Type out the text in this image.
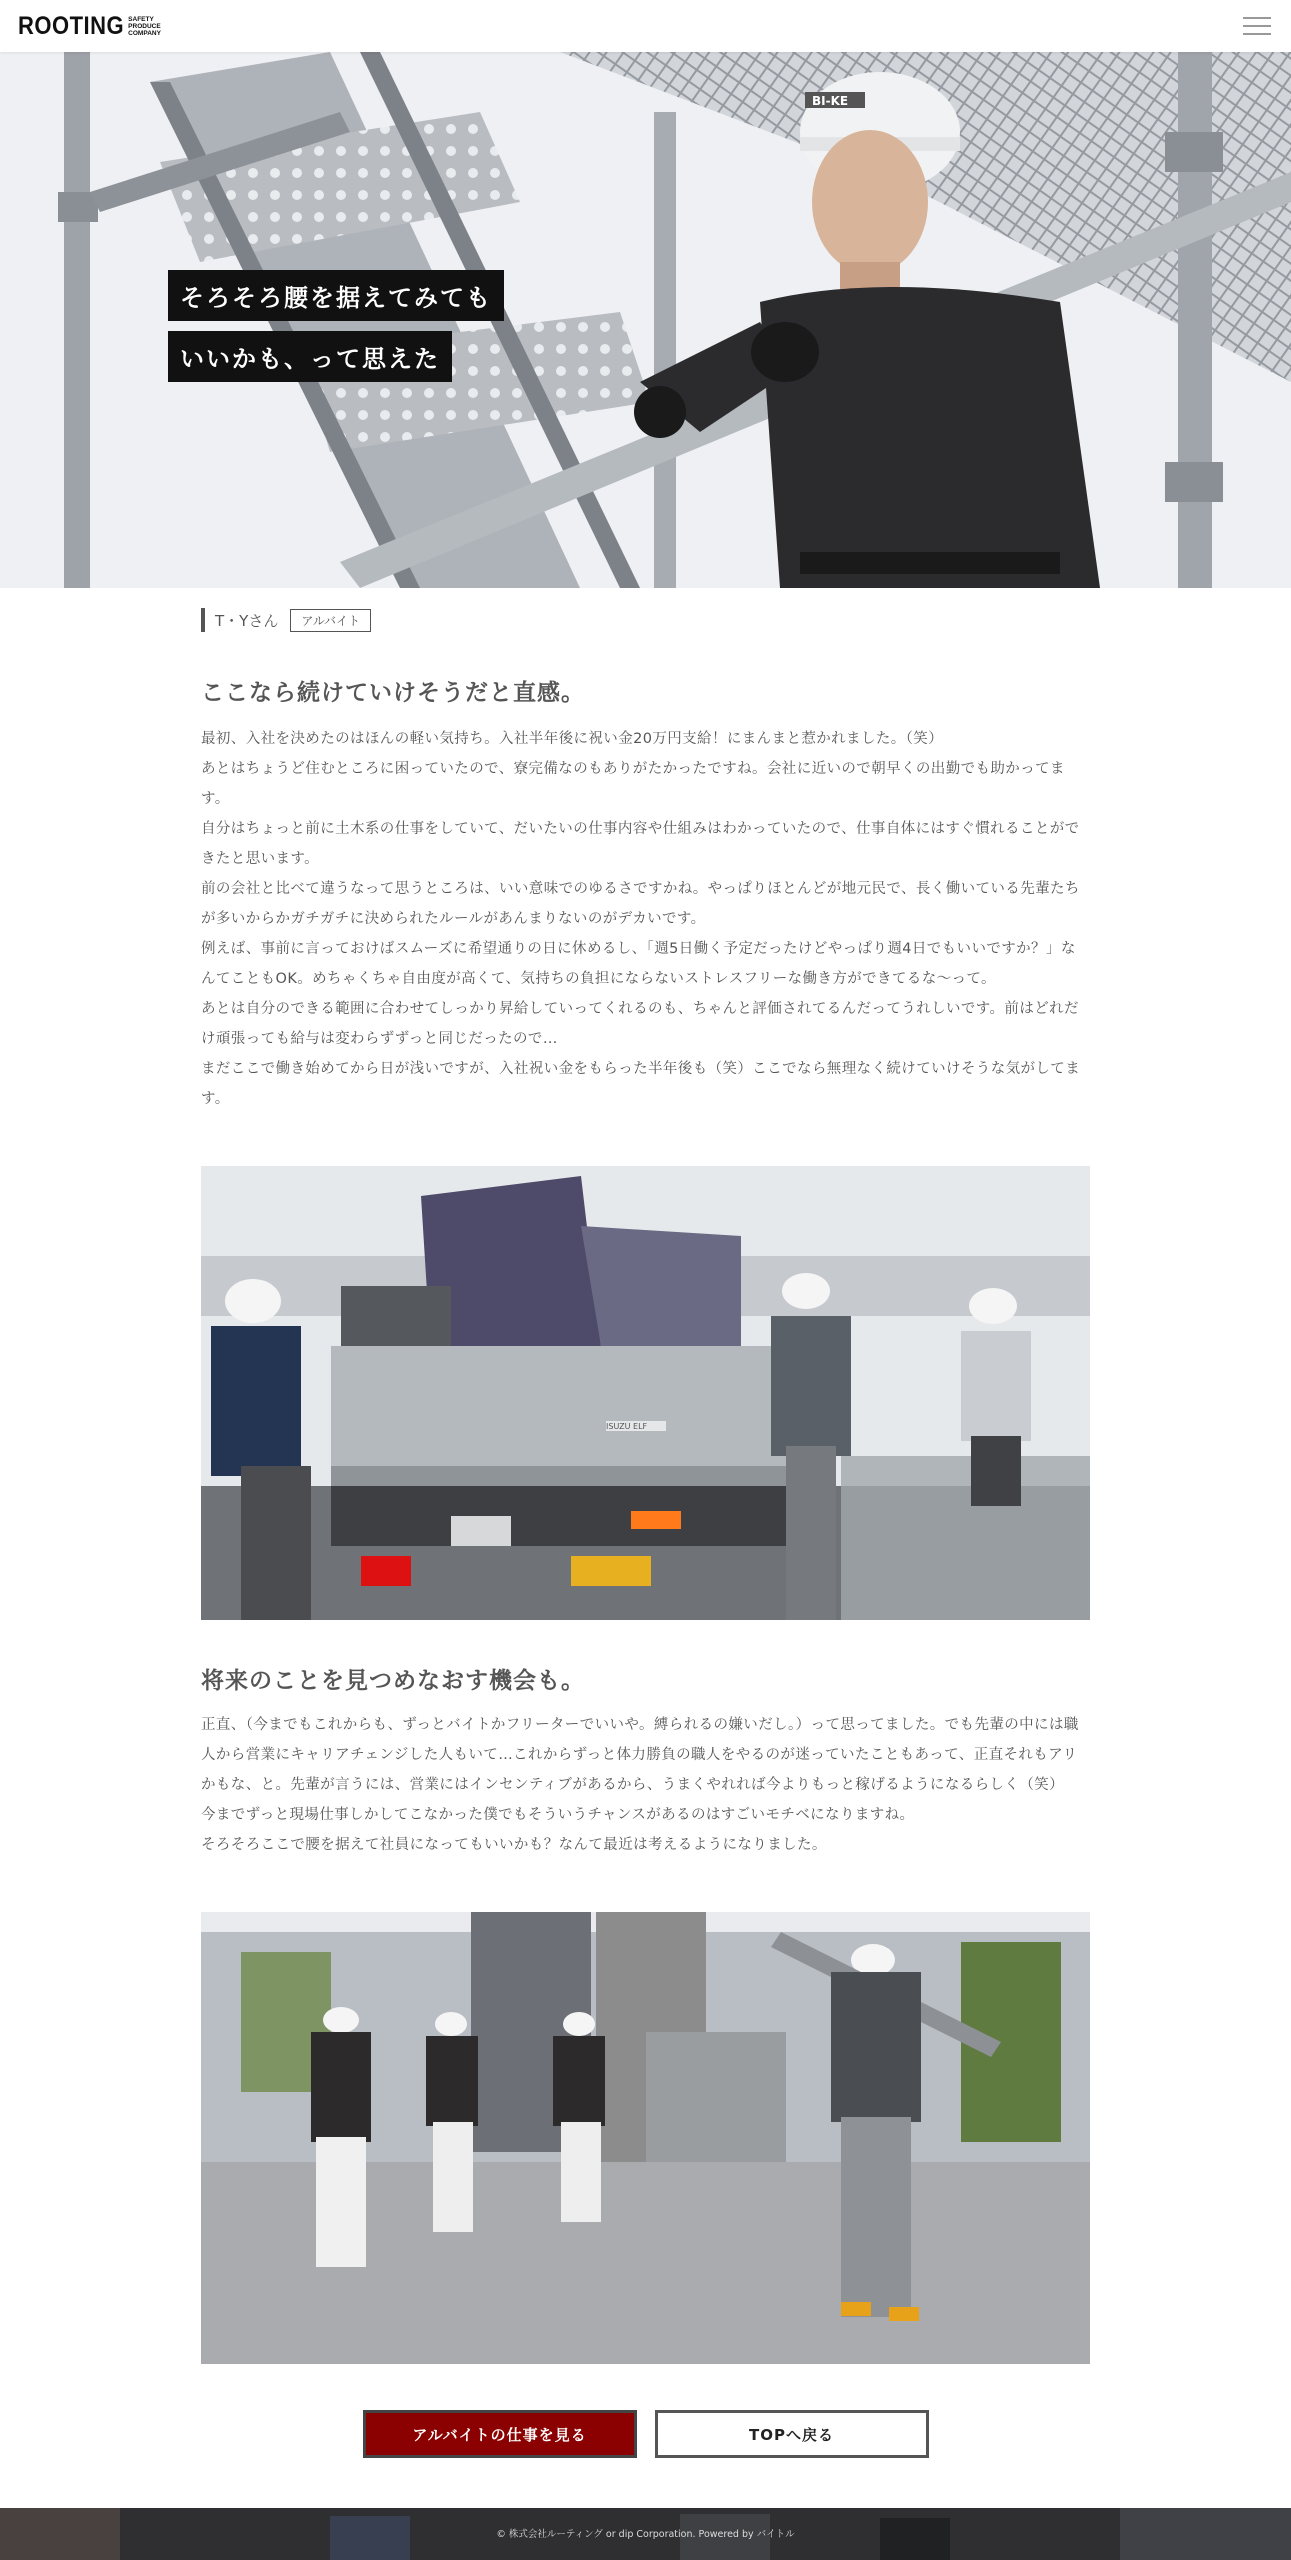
ROOTING SAFETY
PRODUCE
COMPANY
BI-KE
そろそろ腰を据えてみても
いいかも、って思えた
T・Yさん	アルバイト
ここなら続けていけそうだと直感。

最初、入社を決めたのはほんの軽い気持ち。入社半年後に祝い金20万円支給！にまんまと惹かれました。（笑）

あとはちょうど住むところに困っていたので、寮完備なのもありがたかったですね。会社に近いので朝早くの出勤でも助かってます。

自分はちょっと前に土木系の仕事をしていて、だいたいの仕事内容や仕組みはわかっていたので、仕事自体にはすぐ慣れることができたと思います。

前の会社と比べて違うなって思うところは、いい意味でのゆるさですかね。やっぱりほとんどが地元民で、長く働いている先輩たちが多いからかガチガチに決められたルールがあんまりないのがデカいです。

例えば、事前に言っておけばスムーズに希望通りの日に休めるし、「週5日働く予定だったけどやっぱり週4日でもいいですか？」なんてこともOK。めちゃくちゃ自由度が高くて、気持ちの負担にならないストレスフリーな働き方ができてるな〜って。

あとは自分のできる範囲に合わせてしっかり昇給していってくれるのも、ちゃんと評価されてるんだってうれしいです。前はどれだけ頑張っても給与は変わらずずっと同じだったので…

まだここで働き始めてから日が浅いですが、入社祝い金をもらった半年後も（笑）ここでなら無理なく続けていけそうな気がしてます。

ISUZU ELF
将来のことを見つめなおす機会も。

正直、（今までもこれからも、ずっとバイトかフリーターでいいや。縛られるの嫌いだし。）って思ってました。でも先輩の中には職人から営業にキャリアチェンジした人もいて…これからずっと体力勝負の職人をやるのが迷っていたこともあって、正直それもアリかもな、と。先輩が言うには、営業にはインセンティブがあるから、うまくやれれば今よりもっと稼げるようになるらしく（笑）

今までずっと現場仕事しかしてこなかった僕でもそういうチャンスがあるのはすごいモチベになりますね。

そろそろここで腰を据えて社員になってもいいかも？なんて最近は考えるようになりました。

アルバイトの仕事を見る	TOPへ戻る
© 株式会社ルーティング or dip Corporation. Powered by バイトル
